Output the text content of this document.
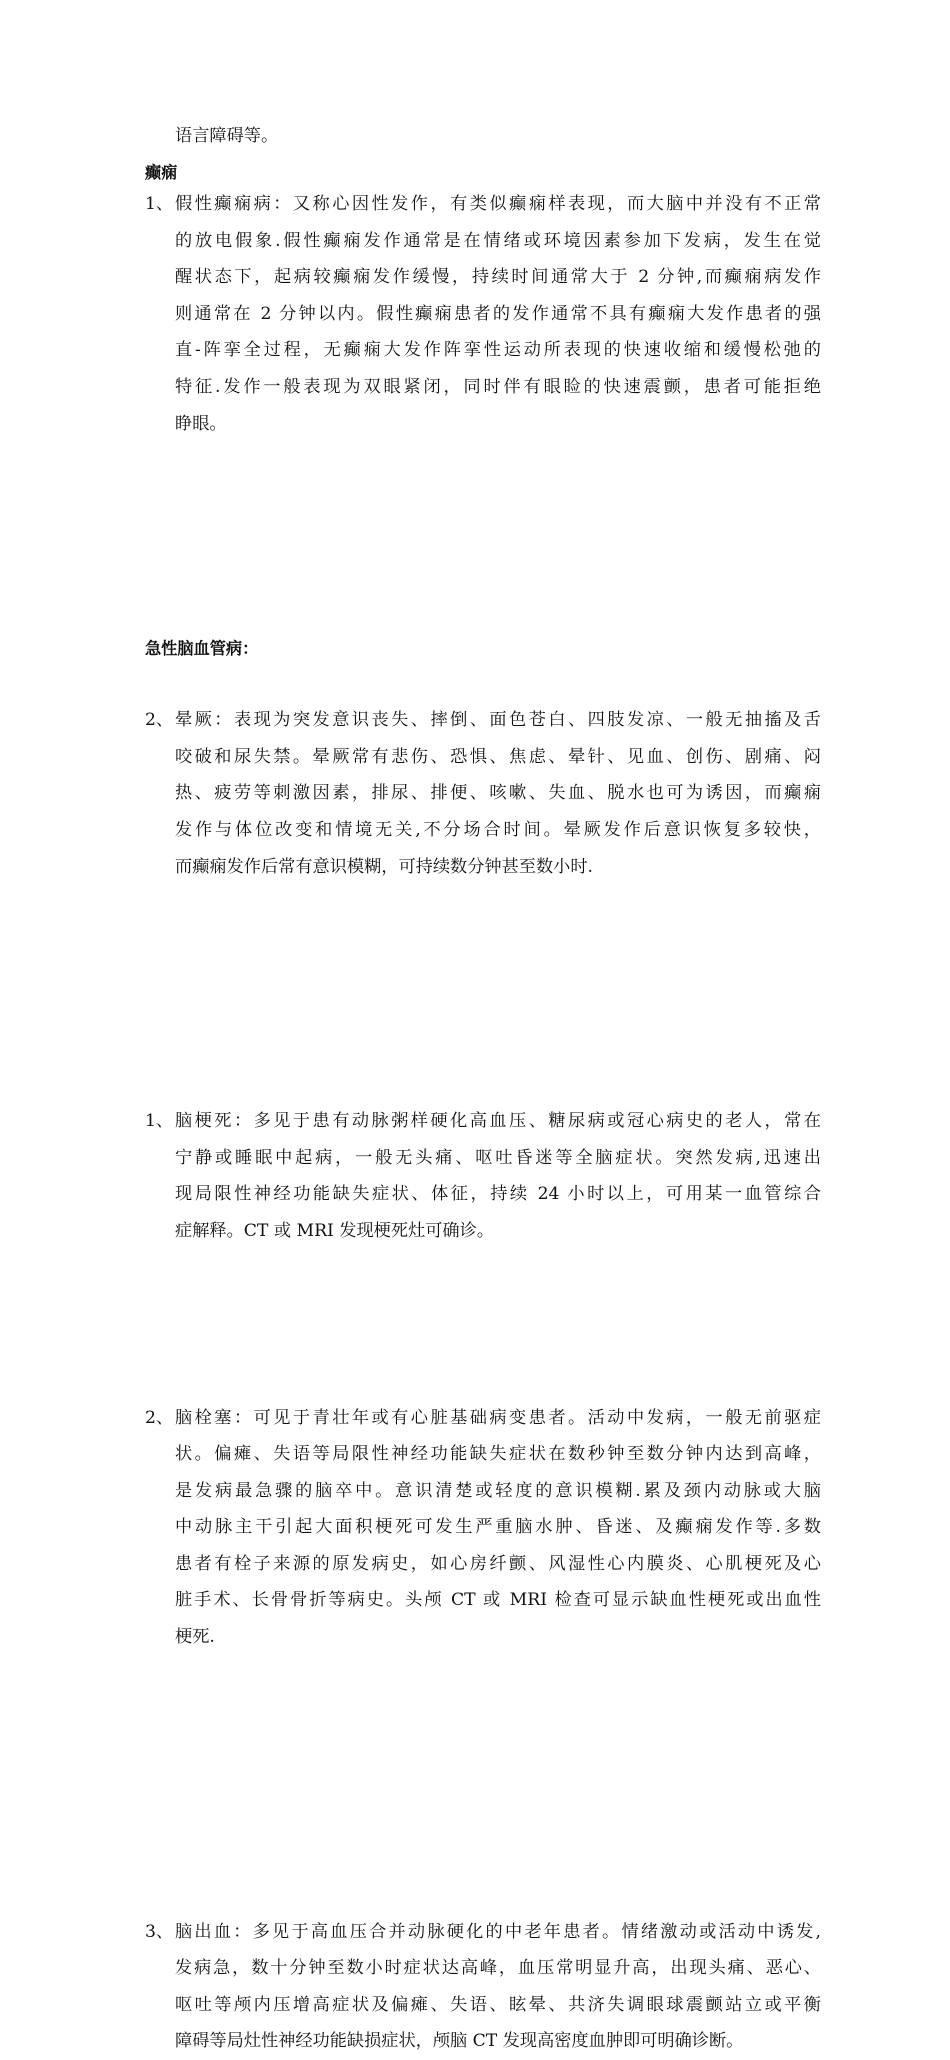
语言障碍等。
癫痫
1、 假性癫痫病：又称心因性发作，有类似癫痫样表现，而大脑中并没有不正常
的放电假象.假性癫痫发作通常是在情绪或环境因素参加下发病，发生在觉
醒状态下，起病较癫痫发作缓慢，持续时间通常大于 2 分钟,而癫痫病发作
则通常在 2 分钟以内。假性癫痫患者的发作通常不具有癫痫大发作患者的强
直-阵挛全过程，无癫痫大发作阵挛性运动所表现的快速收缩和缓慢松弛的
特征.发作一般表现为双眼紧闭，同时伴有眼睑的快速震颤，患者可能拒绝
睁眼。
2、 晕厥：表现为突发意识丧失、摔倒、面色苍白、四肢发凉、一般无抽搐及舌
咬破和尿失禁。晕厥常有悲伤、恐惧、焦虑、晕针、见血、创伤、剧痛、闷
热、疲劳等刺激因素，排尿、排便、咳嗽、失血、脱水也可为诱因，而癫痫
发作与体位改变和情境无关,不分场合时间。晕厥发作后意识恢复多较快，
而癫痫发作后常有意识模糊，可持续数分钟甚至数小时.
急性脑血管病：
1、 脑梗死：多见于患有动脉粥样硬化高血压、糖尿病或冠心病史的老人，常在
宁静或睡眠中起病，一般无头痛、呕吐昏迷等全脑症状。突然发病,迅速出
现局限性神经功能缺失症状、体征，持续 24 小时以上，可用某一血管综合
症解释。CT 或 MRI 发现梗死灶可确诊。
2、 脑栓塞：可见于青壮年或有心脏基础病变患者。活动中发病，一般无前驱症
状。偏瘫、失语等局限性神经功能缺失症状在数秒钟至数分钟内达到高峰，
是发病最急骤的脑卒中。意识清楚或轻度的意识模糊.累及颈内动脉或大脑
中动脉主干引起大面积梗死可发生严重脑水肿、昏迷、及癫痫发作等.多数
患者有栓子来源的原发病史，如心房纤颤、风湿性心内膜炎、心肌梗死及心
脏手术、长骨骨折等病史。头颅 CT 或 MRI 检查可显示缺血性梗死或出血性
梗死.
3、 脑出血：多见于高血压合并动脉硬化的中老年患者。情绪激动或活动中诱发,
发病急，数十分钟至数小时症状达高峰，血压常明显升高，出现头痛、恶心、
呕吐等颅内压增高症状及偏瘫、失语、眩晕、共济失调眼球震颤站立或平衡
障碍等局灶性神经功能缺损症状，颅脑 CT 发现高密度血肿即可明确诊断。
